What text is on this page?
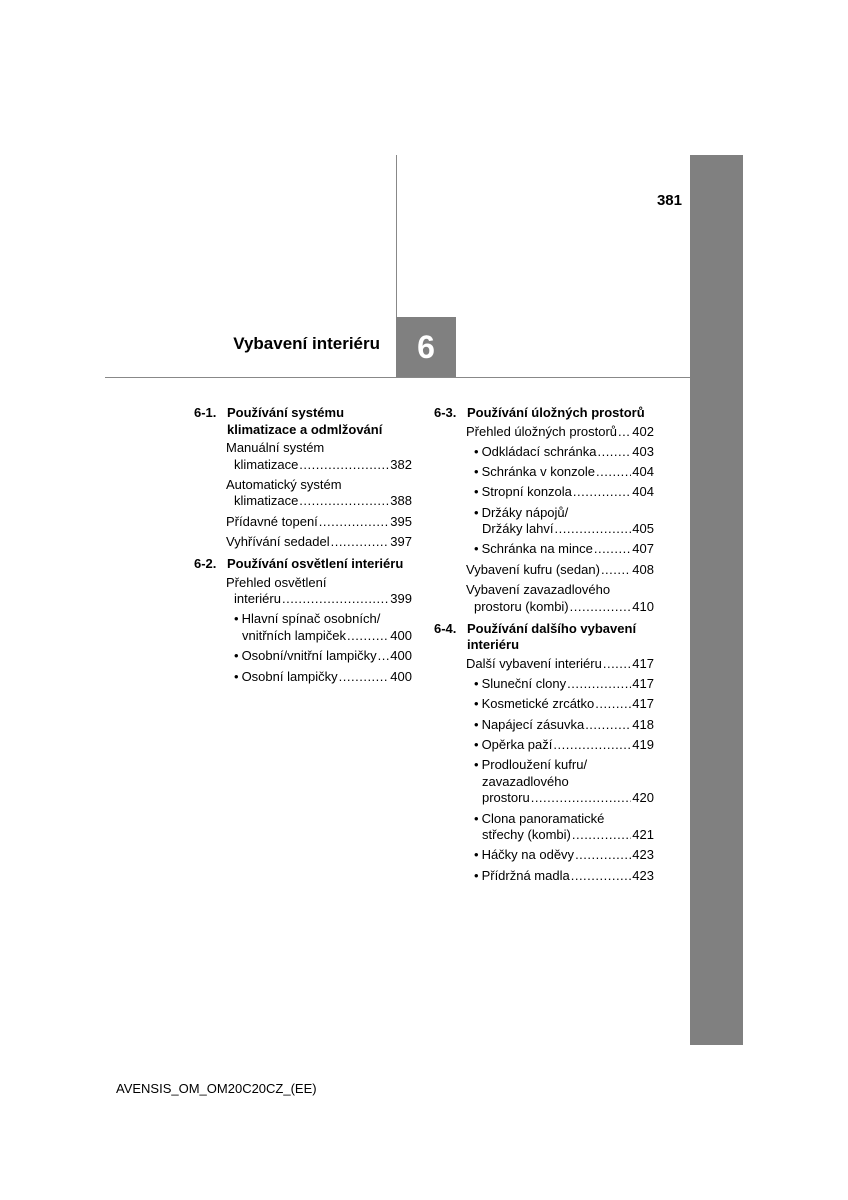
381
Vybavení interiéru	6
6-1. Používání systému
klimatizace a odmlžování
Manuální systém
klimatizace .....	382
Automatický systém
klimatizace .....	388
Přídavné topení .....	395
Vyhřívání sedadel .....	397
6-2. Používání osvětlení interiéru
Přehled osvětlení
interiéru .....	399
• Hlavní spínač osobních/
vnitřních lampiček .....	400
• Osobní/vnitřní lampičky ..... 400
• Osobní lampičky .....	400
6-3. Používání úložných prostorů
Přehled úložných prostorů ..... 402
• Odkládací schránka .....	403
• Schránka v konzole .....	404
• Stropní konzola .....	404
• Držáky nápojů/
Držáky lahví .....	405
• Schránka na mince .....	407
Vybavení kufru (sedan) ..... 408
Vybavení zavazadlového
prostoru (kombi) .....	410
6-4. Používání dalšího vybavení
interiéru
Další vybavení interiéru ..... 417
• Sluneční clony .....	417
• Kosmetické zrcátko .....	417
• Napájecí zásuvka .....	418
• Opěrka paží .....	419
• Prodloužení kufru/
zavazadlového
prostoru .....	420
• Clona panoramatické
střechy (kombi) .....	421
• Háčky na oděvy .....	423
• Přídržná madla .....	423
AVENSIS_OM_OM20C20CZ_(EE)
